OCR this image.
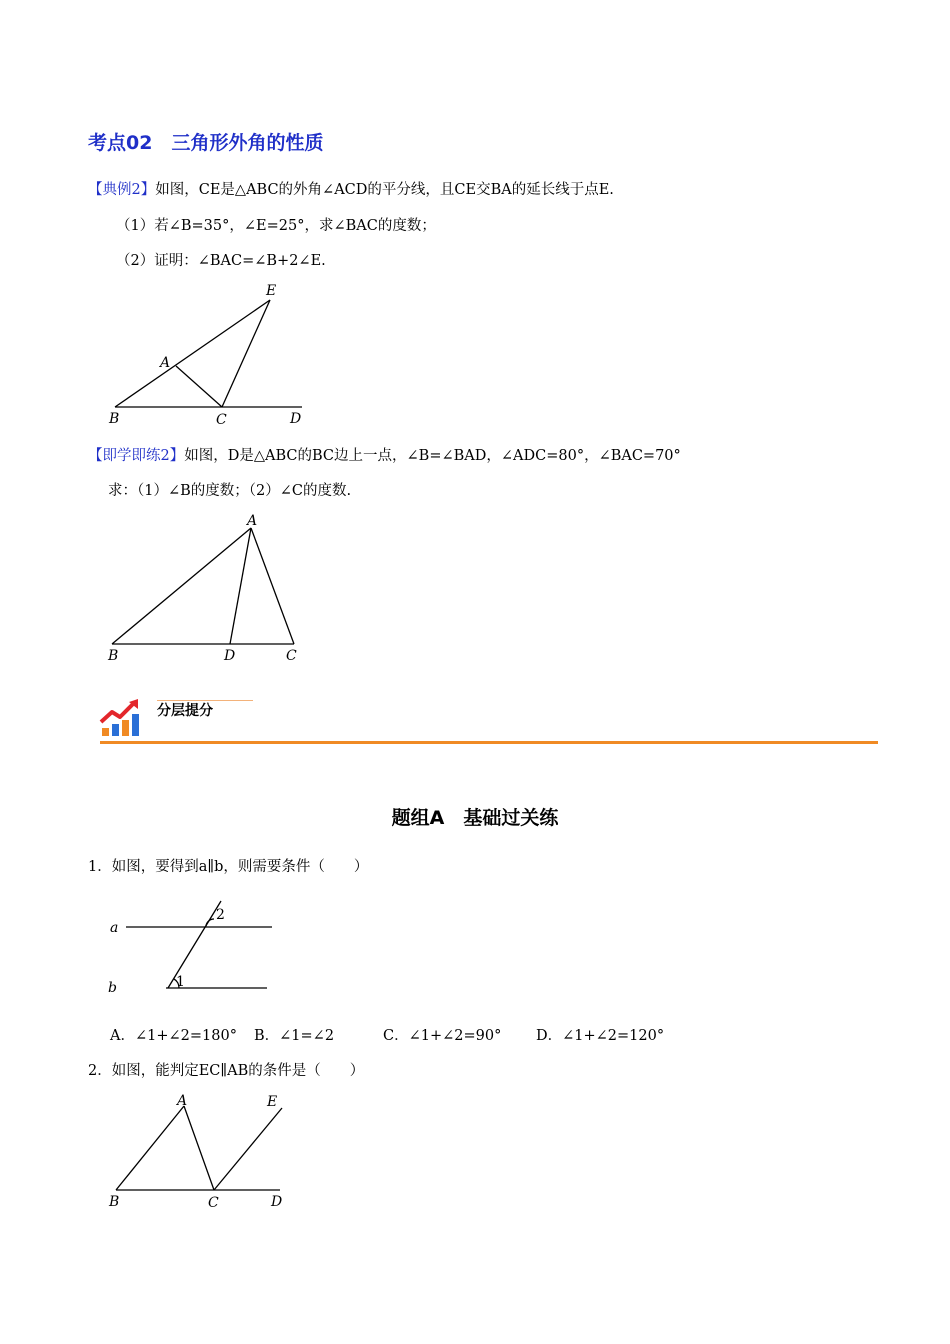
考点02　三角形外角的性质
【典例2】如图，CE是△ABC的外角∠ACD的平分线，且CE交BA的延长线于点E.
（1）若∠B=35°，∠E=25°，求∠BAC的度数；
（2）证明：∠BAC=∠B+2∠E.
E
A
B	C	D
【即学即练2】如图，D是△ABC的BC边上一点，∠B=∠BAD，∠ADC=80°，∠BAC=70°
求：（1）∠B的度数；（2）∠C的度数.
A
B	D	C
分层提分
题组A　基础过关练
1．如图，要得到a∥b，则需要条件（　　）
a
b
2
1
A．∠1+∠2=180° B．∠1=∠2	C．∠1+∠2=90° D．∠1+∠2=120°
2．如图，能判定EC∥AB的条件是（　　）
A
B	C	D
E
